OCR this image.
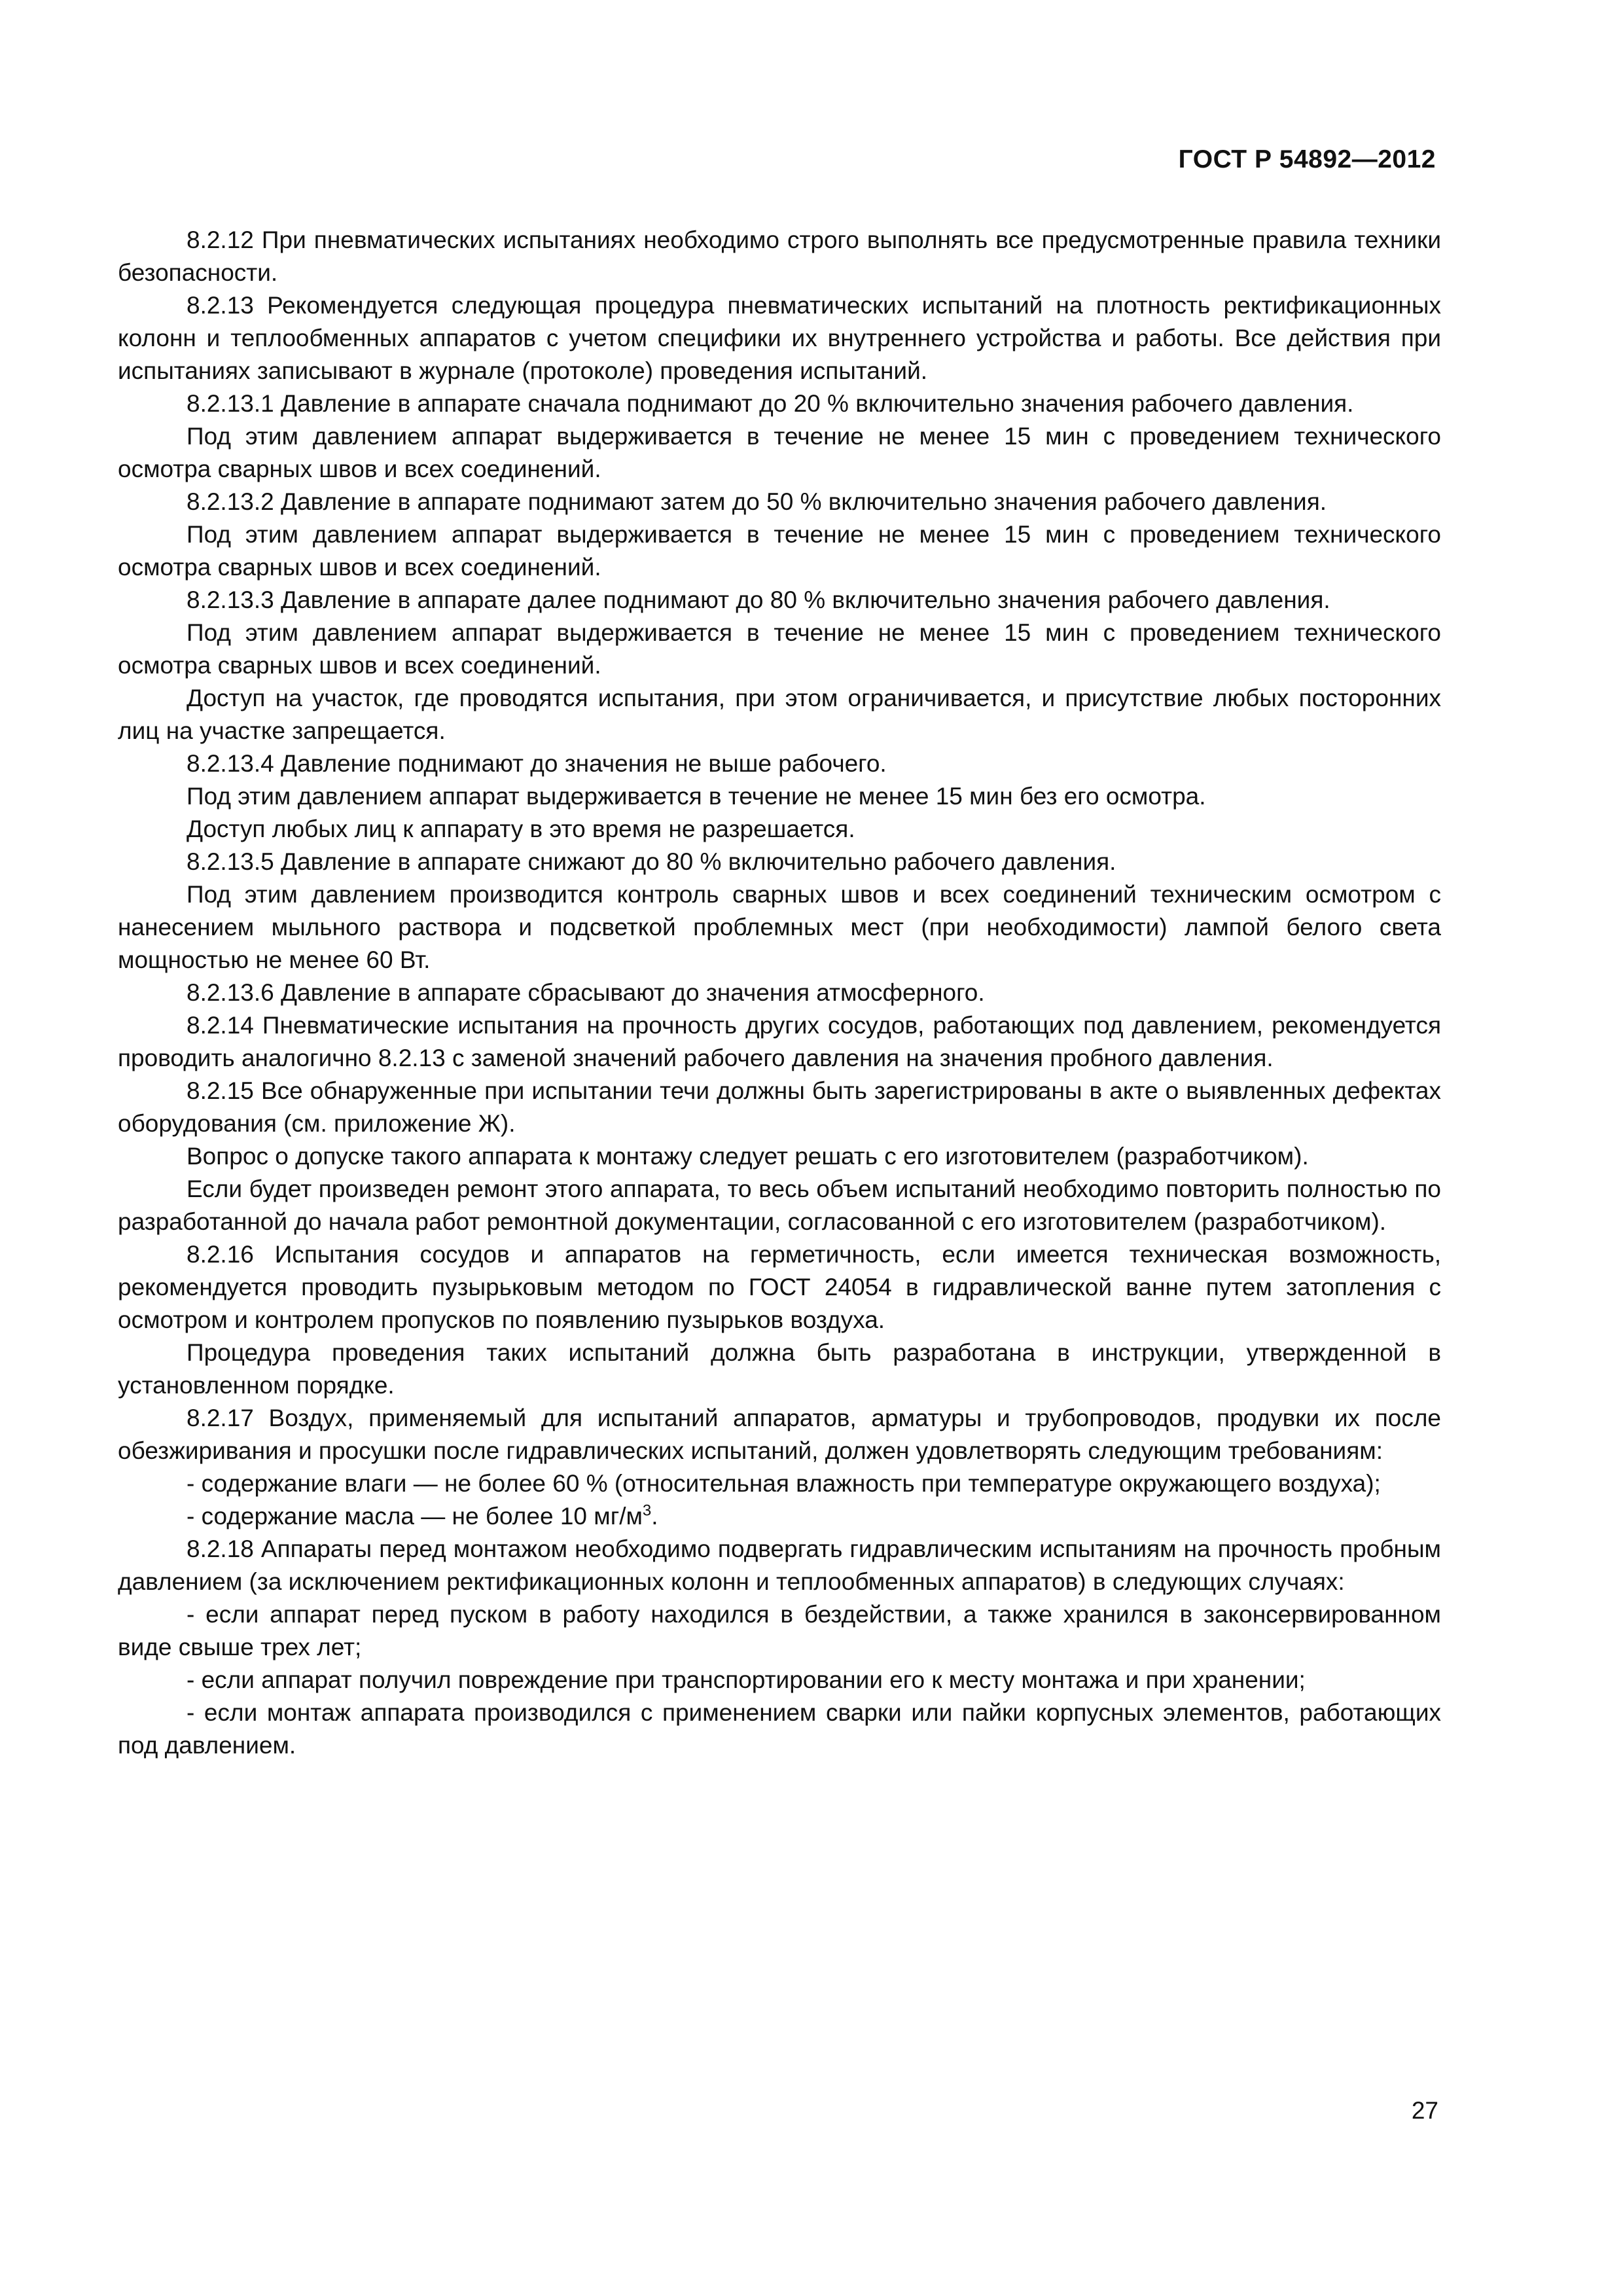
ГОСТ Р 54892—2012

8.2.12 При пневматических испытаниях необходимо строго выполнять все предусмотренные правила техники безопасности.

8.2.13 Рекомендуется следующая процедура пневматических испытаний на плотность ректификационных колонн и теплообменных аппаратов с учетом специфики их внутреннего устройства и работы. Все действия при испытаниях записывают в журнале (протоколе) проведения испытаний.

8.2.13.1 Давление в аппарате сначала поднимают до 20 % включительно значения рабочего давления.

Под этим давлением аппарат выдерживается в течение не менее 15 мин с проведением технического осмотра сварных швов и всех соединений.

8.2.13.2 Давление в аппарате поднимают затем до 50 % включительно значения рабочего давления.

Под этим давлением аппарат выдерживается в течение не менее 15 мин с проведением технического осмотра сварных швов и всех соединений.

8.2.13.3 Давление в аппарате далее поднимают до 80 % включительно значения рабочего давления.

Под этим давлением аппарат выдерживается в течение не менее 15 мин с проведением технического осмотра сварных швов и всех соединений.

Доступ на участок, где проводятся испытания, при этом ограничивается, и присутствие любых посторонних лиц на участке запрещается.

8.2.13.4 Давление поднимают до значения не выше рабочего.

Под этим давлением аппарат выдерживается в течение не менее 15 мин без его осмотра.

Доступ любых лиц к аппарату в это время не разрешается.

8.2.13.5 Давление в аппарате снижают до 80 % включительно рабочего давления.

Под этим давлением производится контроль сварных швов и всех соединений техническим осмотром с нанесением мыльного раствора и подсветкой проблемных мест (при необходимости) лампой белого света мощностью не менее 60 Вт.

8.2.13.6 Давление в аппарате сбрасывают до значения атмосферного.

8.2.14 Пневматические испытания на прочность других сосудов, работающих под давлением, рекомендуется проводить аналогично 8.2.13 с заменой значений рабочего давления на значения пробного давления.

8.2.15 Все обнаруженные при испытании течи должны быть зарегистрированы в акте о выявленных дефектах оборудования (см. приложение Ж).

Вопрос о допуске такого аппарата к монтажу следует решать с его изготовителем (разработчиком).

Если будет произведен ремонт этого аппарата, то весь объем испытаний необходимо повторить полностью по разработанной до начала работ ремонтной документации, согласованной с его изготовителем (разработчиком).

8.2.16 Испытания сосудов и аппаратов на герметичность, если имеется техническая возможность, рекомендуется проводить пузырьковым методом по ГОСТ 24054 в гидравлической ванне путем затопления с осмотром и контролем пропусков по появлению пузырьков воздуха.

Процедура проведения таких испытаний должна быть разработана в инструкции, утвержденной в установленном порядке.

8.2.17 Воздух, применяемый для испытаний аппаратов, арматуры и трубопроводов, продувки их после обезжиривания и просушки после гидравлических испытаний, должен удовлетворять следующим требованиям:

- содержание влаги — не более 60 % (относительная влажность при температуре окружающего воздуха);

- содержание масла — не более 10 $мг/м^3$.

8.2.18 Аппараты перед монтажом необходимо подвергать гидравлическим испытаниям на прочность пробным давлением (за исключением ректификационных колонн и теплообменных аппаратов) в следующих случаях:

- если аппарат перед пуском в работу находился в бездействии, а также хранился в законсервированном виде свыше трех лет;

- если аппарат получил повреждение при транспортировании его к месту монтажа и при хранении;

- если монтаж аппарата производился с применением сварки или пайки корпусных элементов, работающих под давлением.

27
